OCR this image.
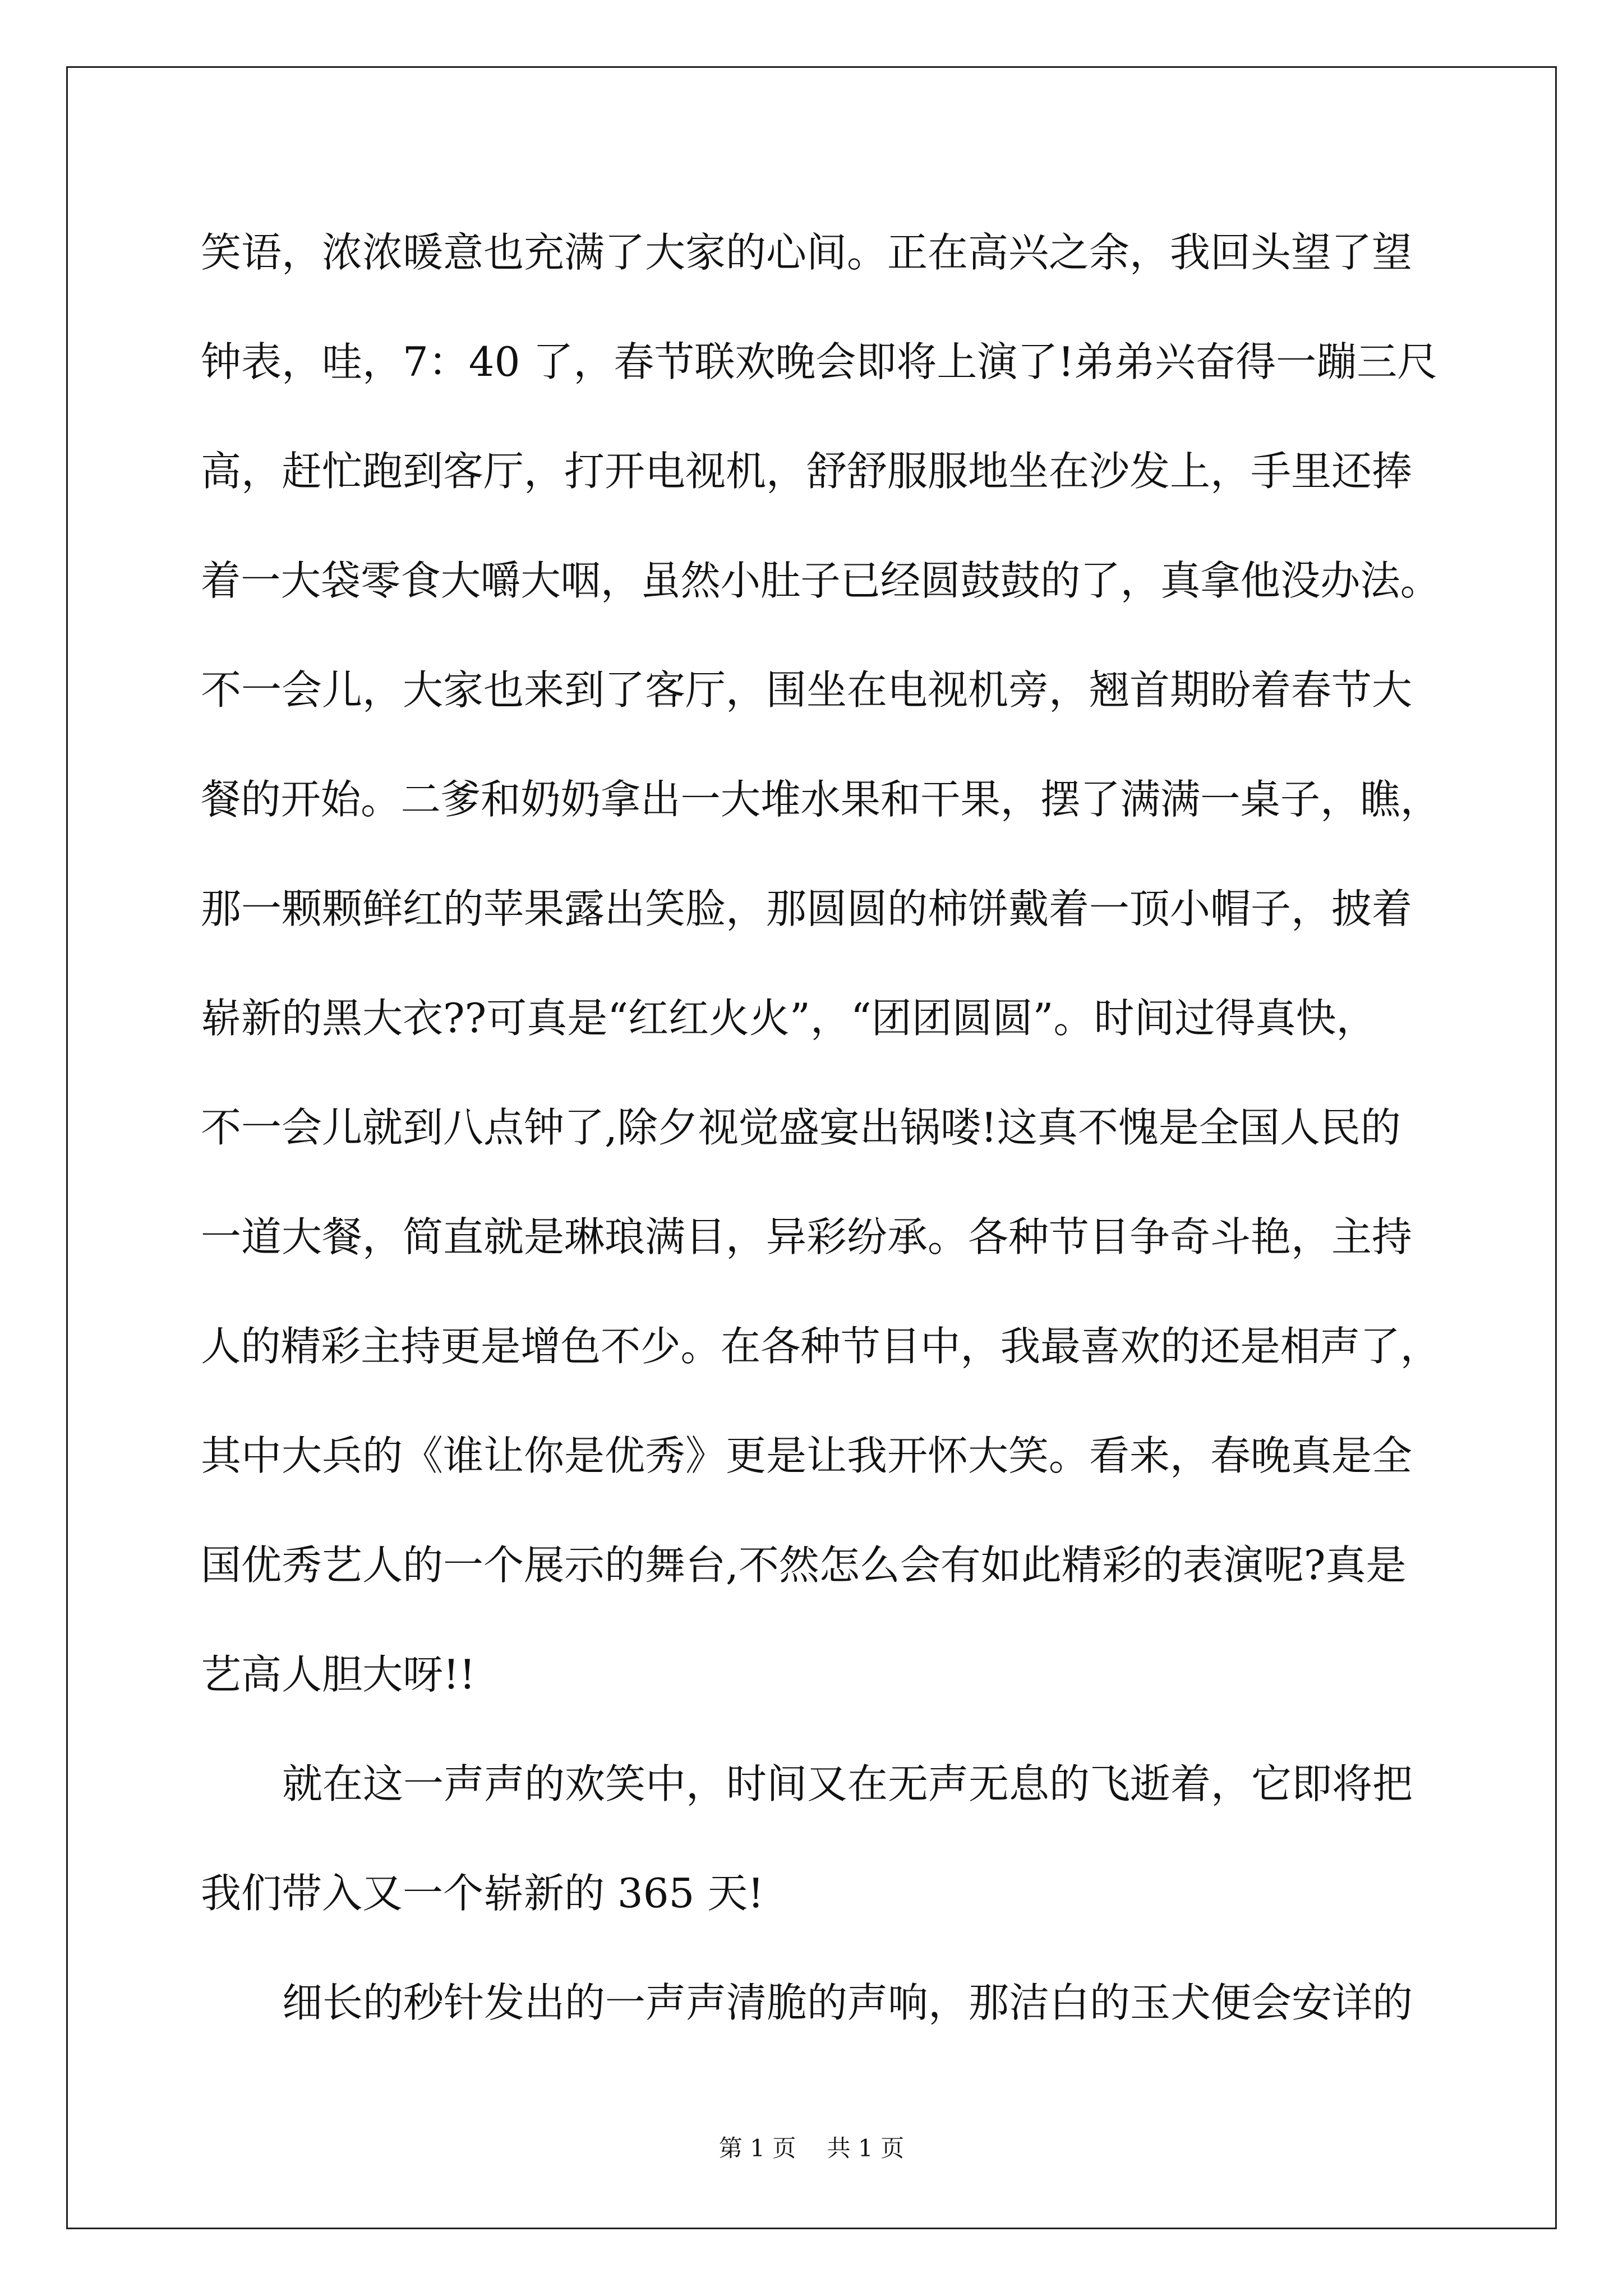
笑语，浓浓暖意也充满了大家的心间。正在高兴之余，我回头望了望
钟表，哇，7：40 了，春节联欢晚会即将上演了!弟弟兴奋得一蹦三尺
高，赶忙跑到客厅，打开电视机，舒舒服服地坐在沙发上，手里还捧
着一大袋零食大嚼大咽，虽然小肚子已经圆鼓鼓的了，真拿他没办法。
不一会儿，大家也来到了客厅，围坐在电视机旁，翘首期盼着春节大
餐的开始。二爹和奶奶拿出一大堆水果和干果，摆了满满一桌子，瞧，
那一颗颗鲜红的苹果露出笑脸，那圆圆的柿饼戴着一顶小帽子，披着
崭新的黑大衣??可真是“红红火火”，“团团圆圆”。时间过得真快，
不一会儿就到八点钟了,除夕视觉盛宴出锅喽!这真不愧是全国人民的
一道大餐，简直就是琳琅满目，异彩纷承。各种节目争奇斗艳，主持
人的精彩主持更是增色不少。在各种节目中，我最喜欢的还是相声了，
其中大兵的《谁让你是优秀》更是让我开怀大笑。看来，春晚真是全
国优秀艺人的一个展示的舞台,不然怎么会有如此精彩的表演呢?真是
艺高人胆大呀!!
就在这一声声的欢笑中，时间又在无声无息的飞逝着，它即将把
我们带入又一个崭新的 365 天!
细长的秒针发出的一声声清脆的声响，那洁白的玉犬便会安详的
第 1 页　 共 1 页
